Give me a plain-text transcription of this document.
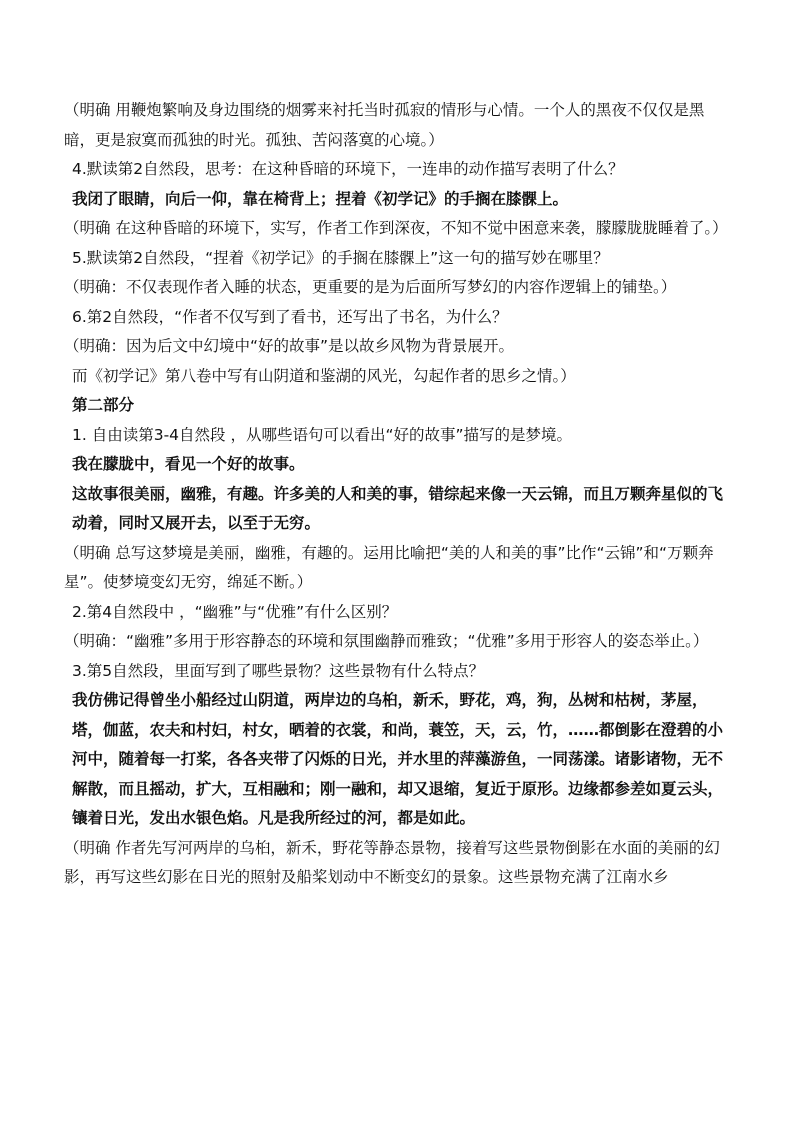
（明确 用鞭炮繁响及身边围绕的烟雾来衬托当时孤寂的情形与心情。一个人的黑夜不仅仅是黑暗，更是寂寞而孤独的时光。孤独、苦闷落寞的心境。）

4.默读第2自然段，思考：在这种昏暗的环境下，一连串的动作描写表明了什么？

我闭了眼睛，向后一仰，靠在椅背上；捏着《初学记》的手搁在膝髁上。

（明确 在这种昏暗的环境下，实写，作者工作到深夜，不知不觉中困意来袭，朦朦胧胧睡着了。）

5.默读第2自然段，“捏着《初学记》的手搁在膝髁上”这一句的描写妙在哪里？

（明确：不仅表现作者入睡的状态，更重要的是为后面所写梦幻的内容作逻辑上的铺垫。）

6.第2自然段，“作者不仅写到了看书，还写出了书名，为什么？

（明确：因为后文中幻境中“好的故事”是以故乡风物为背景展开。

而《初学记》第八卷中写有山阴道和鉴湖的风光，勾起作者的思乡之情。）

第二部分

1. 自由读第3-4自然段 ，从哪些语句可以看出“好的故事”描写的是梦境。

我在朦胧中，看见一个好的故事。

这故事很美丽，幽雅，有趣。许多美的人和美的事，错综起来像一天云锦，而且万颗奔星似的飞动着，同时又展开去，以至于无穷。

（明确 总写这梦境是美丽，幽雅，有趣的。运用比喻把“美的人和美的事”比作“云锦”和“万颗奔星”。使梦境变幻无穷，绵延不断。）

2.第4自然段中 ，“幽雅”与“优雅”有什么区别？

（明确：“幽雅”多用于形容静态的环境和氛围幽静而雅致；“优雅”多用于形容人的姿态举止。）

3.第5自然段，里面写到了哪些景物？这些景物有什么特点？

我仿佛记得曾坐小船经过山阴道，两岸边的乌桕，新禾，野花，鸡，狗，丛树和枯树，茅屋，塔，伽蓝，农夫和村妇，村女，晒着的衣裳，和尚，蓑笠，天，云，竹，……都倒影在澄碧的小河中，随着每一打桨，各各夹带了闪烁的日光，并水里的萍藻游鱼，一同荡漾。诸影诸物，无不解散，而且摇动，扩大，互相融和；刚一融和，却又退缩，复近于原形。边缘都参差如夏云头，镶着日光，发出水银色焰。凡是我所经过的河，都是如此。

（明确 作者先写河两岸的乌桕，新禾，野花等静态景物，接着写这些景物倒影在水面的美丽的幻影，再写这些幻影在日光的照射及船桨划动中不断变幻的景象。这些景物充满了江南水乡
